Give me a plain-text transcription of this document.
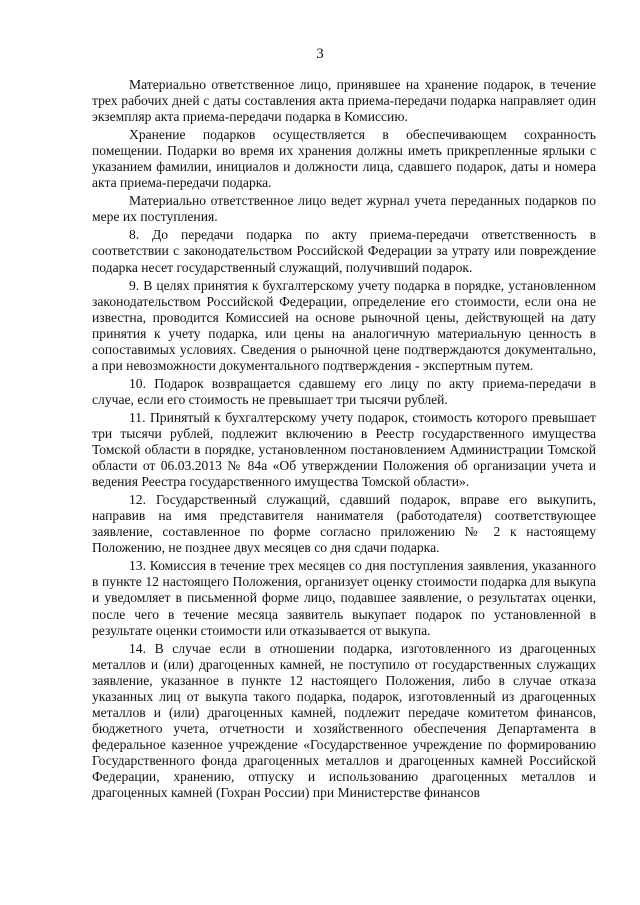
3

Материально ответственное лицо, принявшее на хранение подарок, в течение трех рабочих дней с даты составления акта приема-передачи подарка направляет один экземпляр акта приема-передачи подарка в Комиссию.

Хранение подарков осуществляется в обеспечивающем сохранность помещении. Подарки во время их хранения должны иметь прикрепленные ярлыки с указанием фамилии, инициалов и должности лица, сдавшего подарок, даты и номера акта приема-передачи подарка.

Материально ответственное лицо ведет журнал учета переданных подарков по мере их поступления.

8. До передачи подарка по акту приема-передачи ответственность в соответствии с законодательством Российской Федерации за утрату или повреждение подарка несет государственный служащий, получивший подарок.

9. В целях принятия к бухгалтерскому учету подарка в порядке, установленном законодательством Российской Федерации, определение его стоимости, если она не известна, проводится Комиссией на основе рыночной цены, действующей на дату принятия к учету подарка, или цены на аналогичную материальную ценность в сопоставимых условиях. Сведения о рыночной цене подтверждаются документально, а при невозможности документального подтверждения - экспертным путем.

10. Подарок возвращается сдавшему его лицу по акту приема-передачи в случае, если его стоимость не превышает три тысячи рублей.

11. Принятый к бухгалтерскому учету подарок, стоимость которого превышает три тысячи рублей, подлежит включению в Реестр государственного имущества Томской области в порядке, установленном постановлением Администрации Томской области от 06.03.2013 № 84а «Об утверждении Положения об организации учета и ведения Реестра государственного имущества Томской области».

12. Государственный служащий, сдавший подарок, вправе его выкупить, направив на имя представителя нанимателя (работодателя) соответствующее заявление, составленное по форме согласно приложению № 2 к настоящему Положению, не позднее двух месяцев со дня сдачи подарка.

13. Комиссия в течение трех месяцев со дня поступления заявления, указанного в пункте 12 настоящего Положения, организует оценку стоимости подарка для выкупа и уведомляет в письменной форме лицо, подавшее заявление, о результатах оценки, после чего в течение месяца заявитель выкупает подарок по установленной в результате оценки стоимости или отказывается от выкупа.

14. В случае если в отношении подарка, изготовленного из драгоценных металлов и (или) драгоценных камней, не поступило от государственных служащих заявление, указанное в пункте 12 настоящего Положения, либо в случае отказа указанных лиц от выкупа такого подарка, подарок, изготовленный из драгоценных металлов и (или) драгоценных камней, подлежит передаче комитетом финансов, бюджетного учета, отчетности и хозяйственного обеспечения Департамента в федеральное казенное учреждение «Государственное учреждение по формированию Государственного фонда драгоценных металлов и драгоценных камней Российской Федерации, хранению, отпуску и использованию драгоценных металлов и драгоценных камней (Гохран России) при Министерстве финансов
